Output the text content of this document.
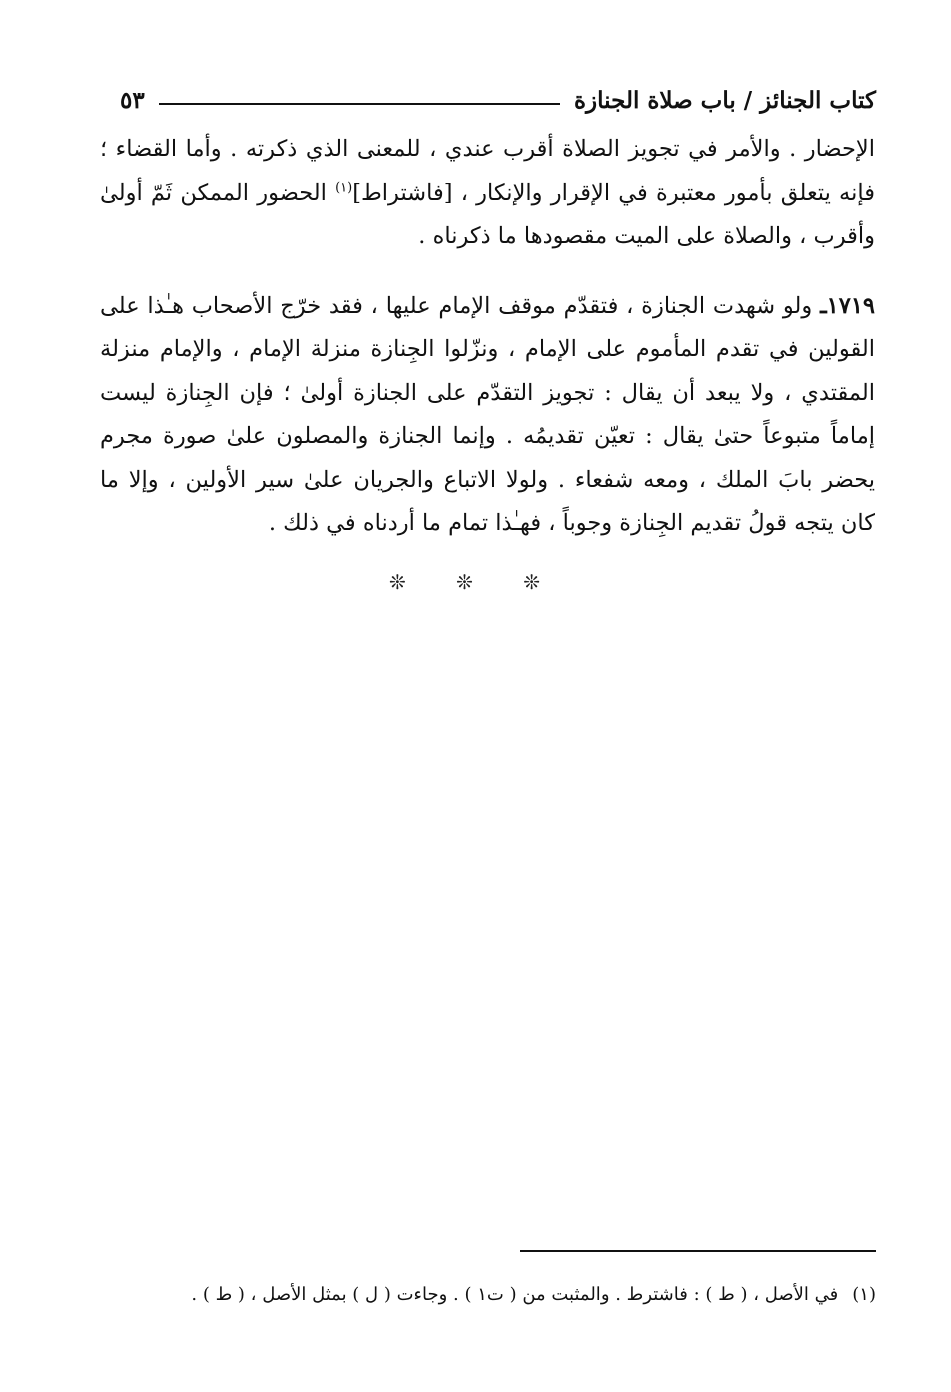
كتاب الجنائز / باب صلاة الجنازة
٥٣

الإحضار . والأمر في تجويز الصلاة أقرب عندي ، للمعنى الذي ذكرته . وأما القضاء ؛ فإنه يتعلق بأمور معتبرة في الإقرار والإنكار ، [فاشتراط]$^{(١)}$ الحضور الممكن ثَمّ أولىٰ وأقرب ، والصلاة على الميت مقصودها ما ذكرناه .

١٧١٩ـ ولو شهدت الجنازة ، فتقدّم موقف الإمام عليها ، فقد خرّج الأصحاب هـٰذا على القولين في تقدم المأموم على الإمام ، ونزّلوا الجِنازة منزلة الإمام ، والإمام منزلة المقتدي ، ولا يبعد أن يقال : تجويز التقدّم على الجنازة أولىٰ ؛ فإن الجِنازة ليست إماماً متبوعاً حتىٰ يقال : تعيّن تقديمُه . وإنما الجنازة والمصلون علىٰ صورة مجرم يحضر بابَ الملك ، ومعه شفعاء . ولولا الاتباع والجريان علىٰ سير الأولين ، وإلا ما كان يتجه قولُ تقديم الجِنازة وجوباً ، فهـٰذا تمام ما أردناه في ذلك .

❊ ❊ ❊
(١)في الأصل ، ( ط ) : فاشترط . والمثبت من ( ت١ ) . وجاءت ( ل ) بمثل الأصل ، ( ط ) .
